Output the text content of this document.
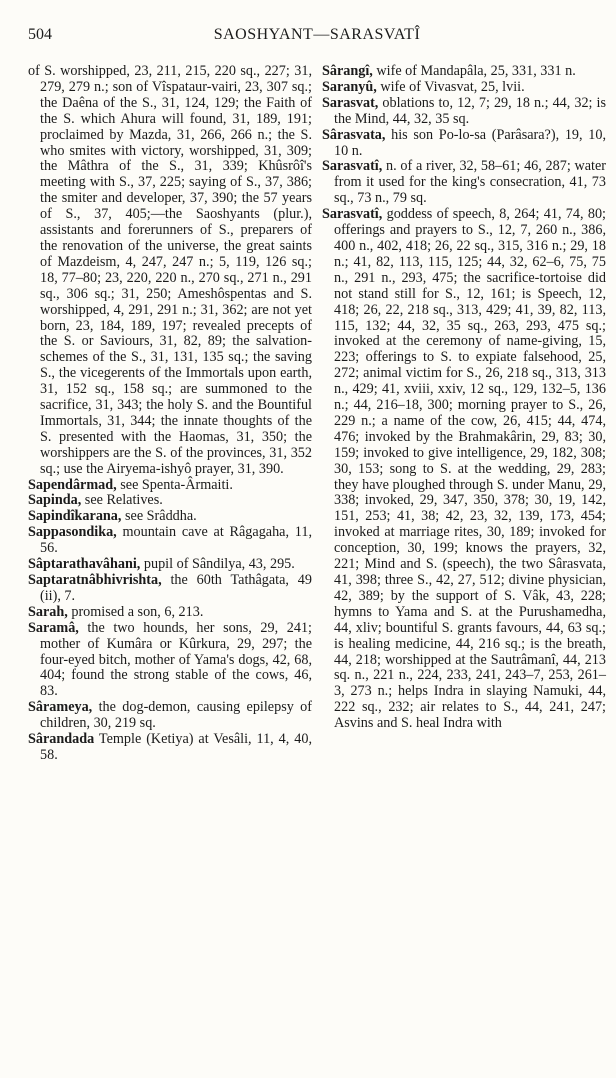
504	SAOSHYANT—SARASVATÎ

of S. worshipped, 23, 211, 215, 220 sq., 227; 31, 279, 279 n.; son of Vîspataur-vairi, 23, 307 sq.; the Daêna of the S., 31, 124, 129; the Faith of the S. which Ahura will found, 31, 189, 191; proclaimed by Mazda, 31, 266, 266 n.; the S. who smites with victory, worshipped, 31, 309; the Mâthra of the S., 31, 339; Khûsrôî's meeting with S., 37, 225; saying of S., 37, 386; the smiter and developer, 37, 390; the 57 years of S., 37, 405;—the Saoshyants (plur.), assistants and forerunners of S., preparers of the renovation of the universe, the great saints of Mazdeism, 4, 247, 247 n.; 5, 119, 126 sq.; 18, 77–80; 23, 220, 220 n., 270 sq., 271 n., 291 sq., 306 sq.; 31, 250; Ameshôspentas and S. worshipped, 4, 291, 291 n.; 31, 362; are not yet born, 23, 184, 189, 197; revealed precepts of the S. or Saviours, 31, 82, 89; the salvation-schemes of the S., 31, 131, 135 sq.; the saving S., the vicegerents of the Immortals upon earth, 31, 152 sq., 158 sq.; are summoned to the sacrifice, 31, 343; the holy S. and the Bountiful Immortals, 31, 344; the innate thoughts of the S. presented with the Haomas, 31, 350; the worshippers are the S. of the provinces, 31, 352 sq.; use the Airyema-ishyô prayer, 31, 390.

Sapendârmad, see Spenta-Ârmaiti.

Sapinda, see Relatives.

Sapindîkarana, see Srâddha.

Sappasondika, mountain cave at Râgagaha, 11, 56.

Sâptarathavâhani, pupil of Sândilya, 43, 295.

Saptaratnâbhivrishta, the 60th Tathâgata, 49 (ii), 7.

Sarah, promised a son, 6, 213.

Saramâ, the two hounds, her sons, 29, 241; mother of Kumâra or Kûrkura, 29, 297; the four-eyed bitch, mother of Yama's dogs, 42, 68, 404; found the strong stable of the cows, 46, 83.

Sârameya, the dog-demon, causing epilepsy of children, 30, 219 sq.

Sârandada Temple (Ketiya) at Vesâli, 11, 4, 40, 58.

Sârangî, wife of Mandapâla, 25, 331, 331 n.

Saranyû, wife of Vivasvat, 25, lvii.

Sarasvat, oblations to, 12, 7; 29, 18 n.; 44, 32; is the Mind, 44, 32, 35 sq.

Sârasvata, his son Po-lo-sa (Parâsara?), 19, 10, 10 n.

Sarasvatî, n. of a river, 32, 58–61; 46, 287; water from it used for the king's consecration, 41, 73 sq., 73 n., 79 sq.

Sarasvatî, goddess of speech, 8, 264; 41, 74, 80; offerings and prayers to S., 12, 7, 260 n., 386, 400 n., 402, 418; 26, 22 sq., 315, 316 n.; 29, 18 n.; 41, 82, 113, 115, 125; 44, 32, 62–6, 75, 75 n., 291 n., 293, 475; the sacrifice-tortoise did not stand still for S., 12, 161; is Speech, 12, 418; 26, 22, 218 sq., 313, 429; 41, 39, 82, 113, 115, 132; 44, 32, 35 sq., 263, 293, 475 sq.; invoked at the ceremony of name-giving, 15, 223; offerings to S. to expiate falsehood, 25, 272; animal victim for S., 26, 218 sq., 313, 313 n., 429; 41, xviii, xxiv, 12 sq., 129, 132–5, 136 n.; 44, 216–18, 300; morning prayer to S., 26, 229 n.; a name of the cow, 26, 415; 44, 474, 476; invoked by the Brahmakârin, 29, 83; 30, 159; invoked to give intelligence, 29, 182, 308; 30, 153; song to S. at the wedding, 29, 283; they have ploughed through S. under Manu, 29, 338; invoked, 29, 347, 350, 378; 30, 19, 142, 151, 253; 41, 38; 42, 23, 32, 139, 173, 454; invoked at marriage rites, 30, 189; invoked for conception, 30, 199; knows the prayers, 32, 221; Mind and S. (speech), the two Sârasvata, 41, 398; three S., 42, 27, 512; divine physician, 42, 389; by the support of S. Vâk, 43, 228; hymns to Yama and S. at the Purushamedha, 44, xliv; bountiful S. grants favours, 44, 63 sq.; is healing medicine, 44, 216 sq.; is the breath, 44, 218; worshipped at the Sautrâmanî, 44, 213 sq. n., 221 n., 224, 233, 241, 243–7, 253, 261–3, 273 n.; helps Indra in slaying Namuki, 44, 222 sq., 232; air relates to S., 44, 241, 247; Asvins and S. heal Indra with
